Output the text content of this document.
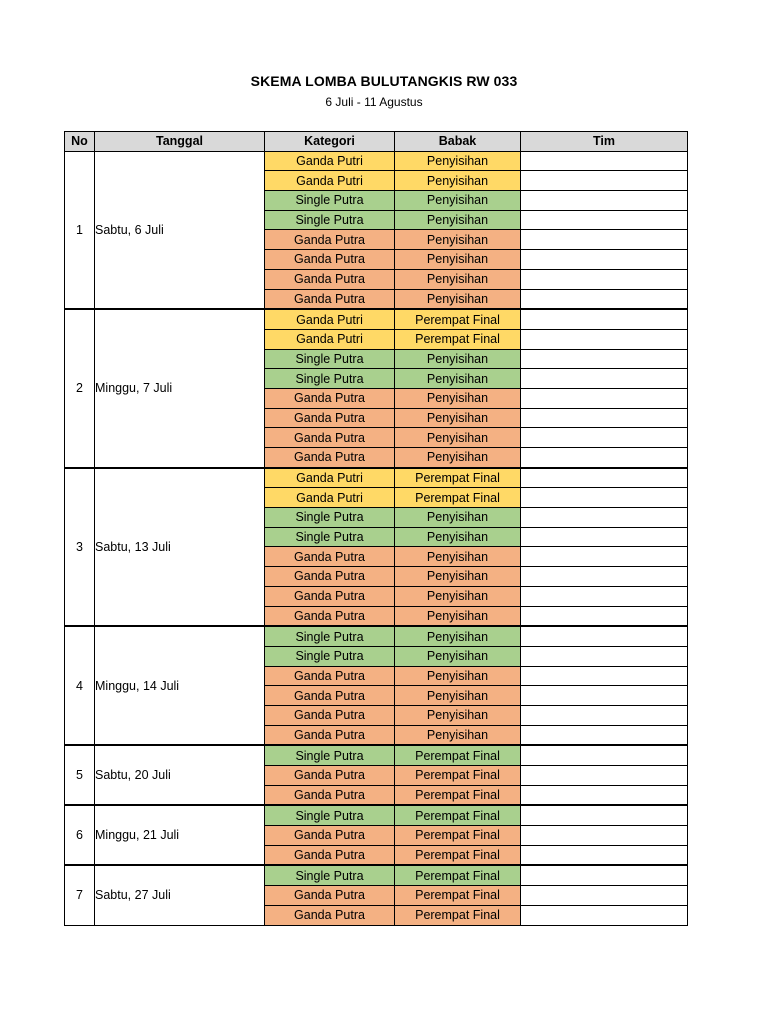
SKEMA LOMBA BULUTANGKIS RW 033
6 Juli - 11 Agustus
No	Tanggal	Kategori	Babak	Tim
1	Sabtu, 6 Juli	Ganda Putri	Penyisihan	
		Ganda Putri	Penyisihan	
		Single Putra	Penyisihan	
		Single Putra	Penyisihan	
		Ganda Putra	Penyisihan	
		Ganda Putra	Penyisihan	
		Ganda Putra	Penyisihan	
		Ganda Putra	Penyisihan	
2	Minggu, 7 Juli	Ganda Putri	Perempat Final	
		Ganda Putri	Perempat Final	
		Single Putra	Penyisihan	
		Single Putra	Penyisihan	
		Ganda Putra	Penyisihan	
		Ganda Putra	Penyisihan	
		Ganda Putra	Penyisihan	
		Ganda Putra	Penyisihan	
3	Sabtu, 13 Juli	Ganda Putri	Perempat Final	
		Ganda Putri	Perempat Final	
		Single Putra	Penyisihan	
		Single Putra	Penyisihan	
		Ganda Putra	Penyisihan	
		Ganda Putra	Penyisihan	
		Ganda Putra	Penyisihan	
		Ganda Putra	Penyisihan	
4	Minggu, 14 Juli	Single Putra	Penyisihan	
		Single Putra	Penyisihan	
		Ganda Putra	Penyisihan	
		Ganda Putra	Penyisihan	
		Ganda Putra	Penyisihan	
		Ganda Putra	Penyisihan	
5	Sabtu, 20 Juli	Single Putra	Perempat Final	
		Ganda Putra	Perempat Final	
		Ganda Putra	Perempat Final	
6	Minggu, 21 Juli	Single Putra	Perempat Final	
		Ganda Putra	Perempat Final	
		Ganda Putra	Perempat Final	
7	Sabtu, 27 Juli	Single Putra	Perempat Final	
		Ganda Putra	Perempat Final	
		Ganda Putra	Perempat Final	
